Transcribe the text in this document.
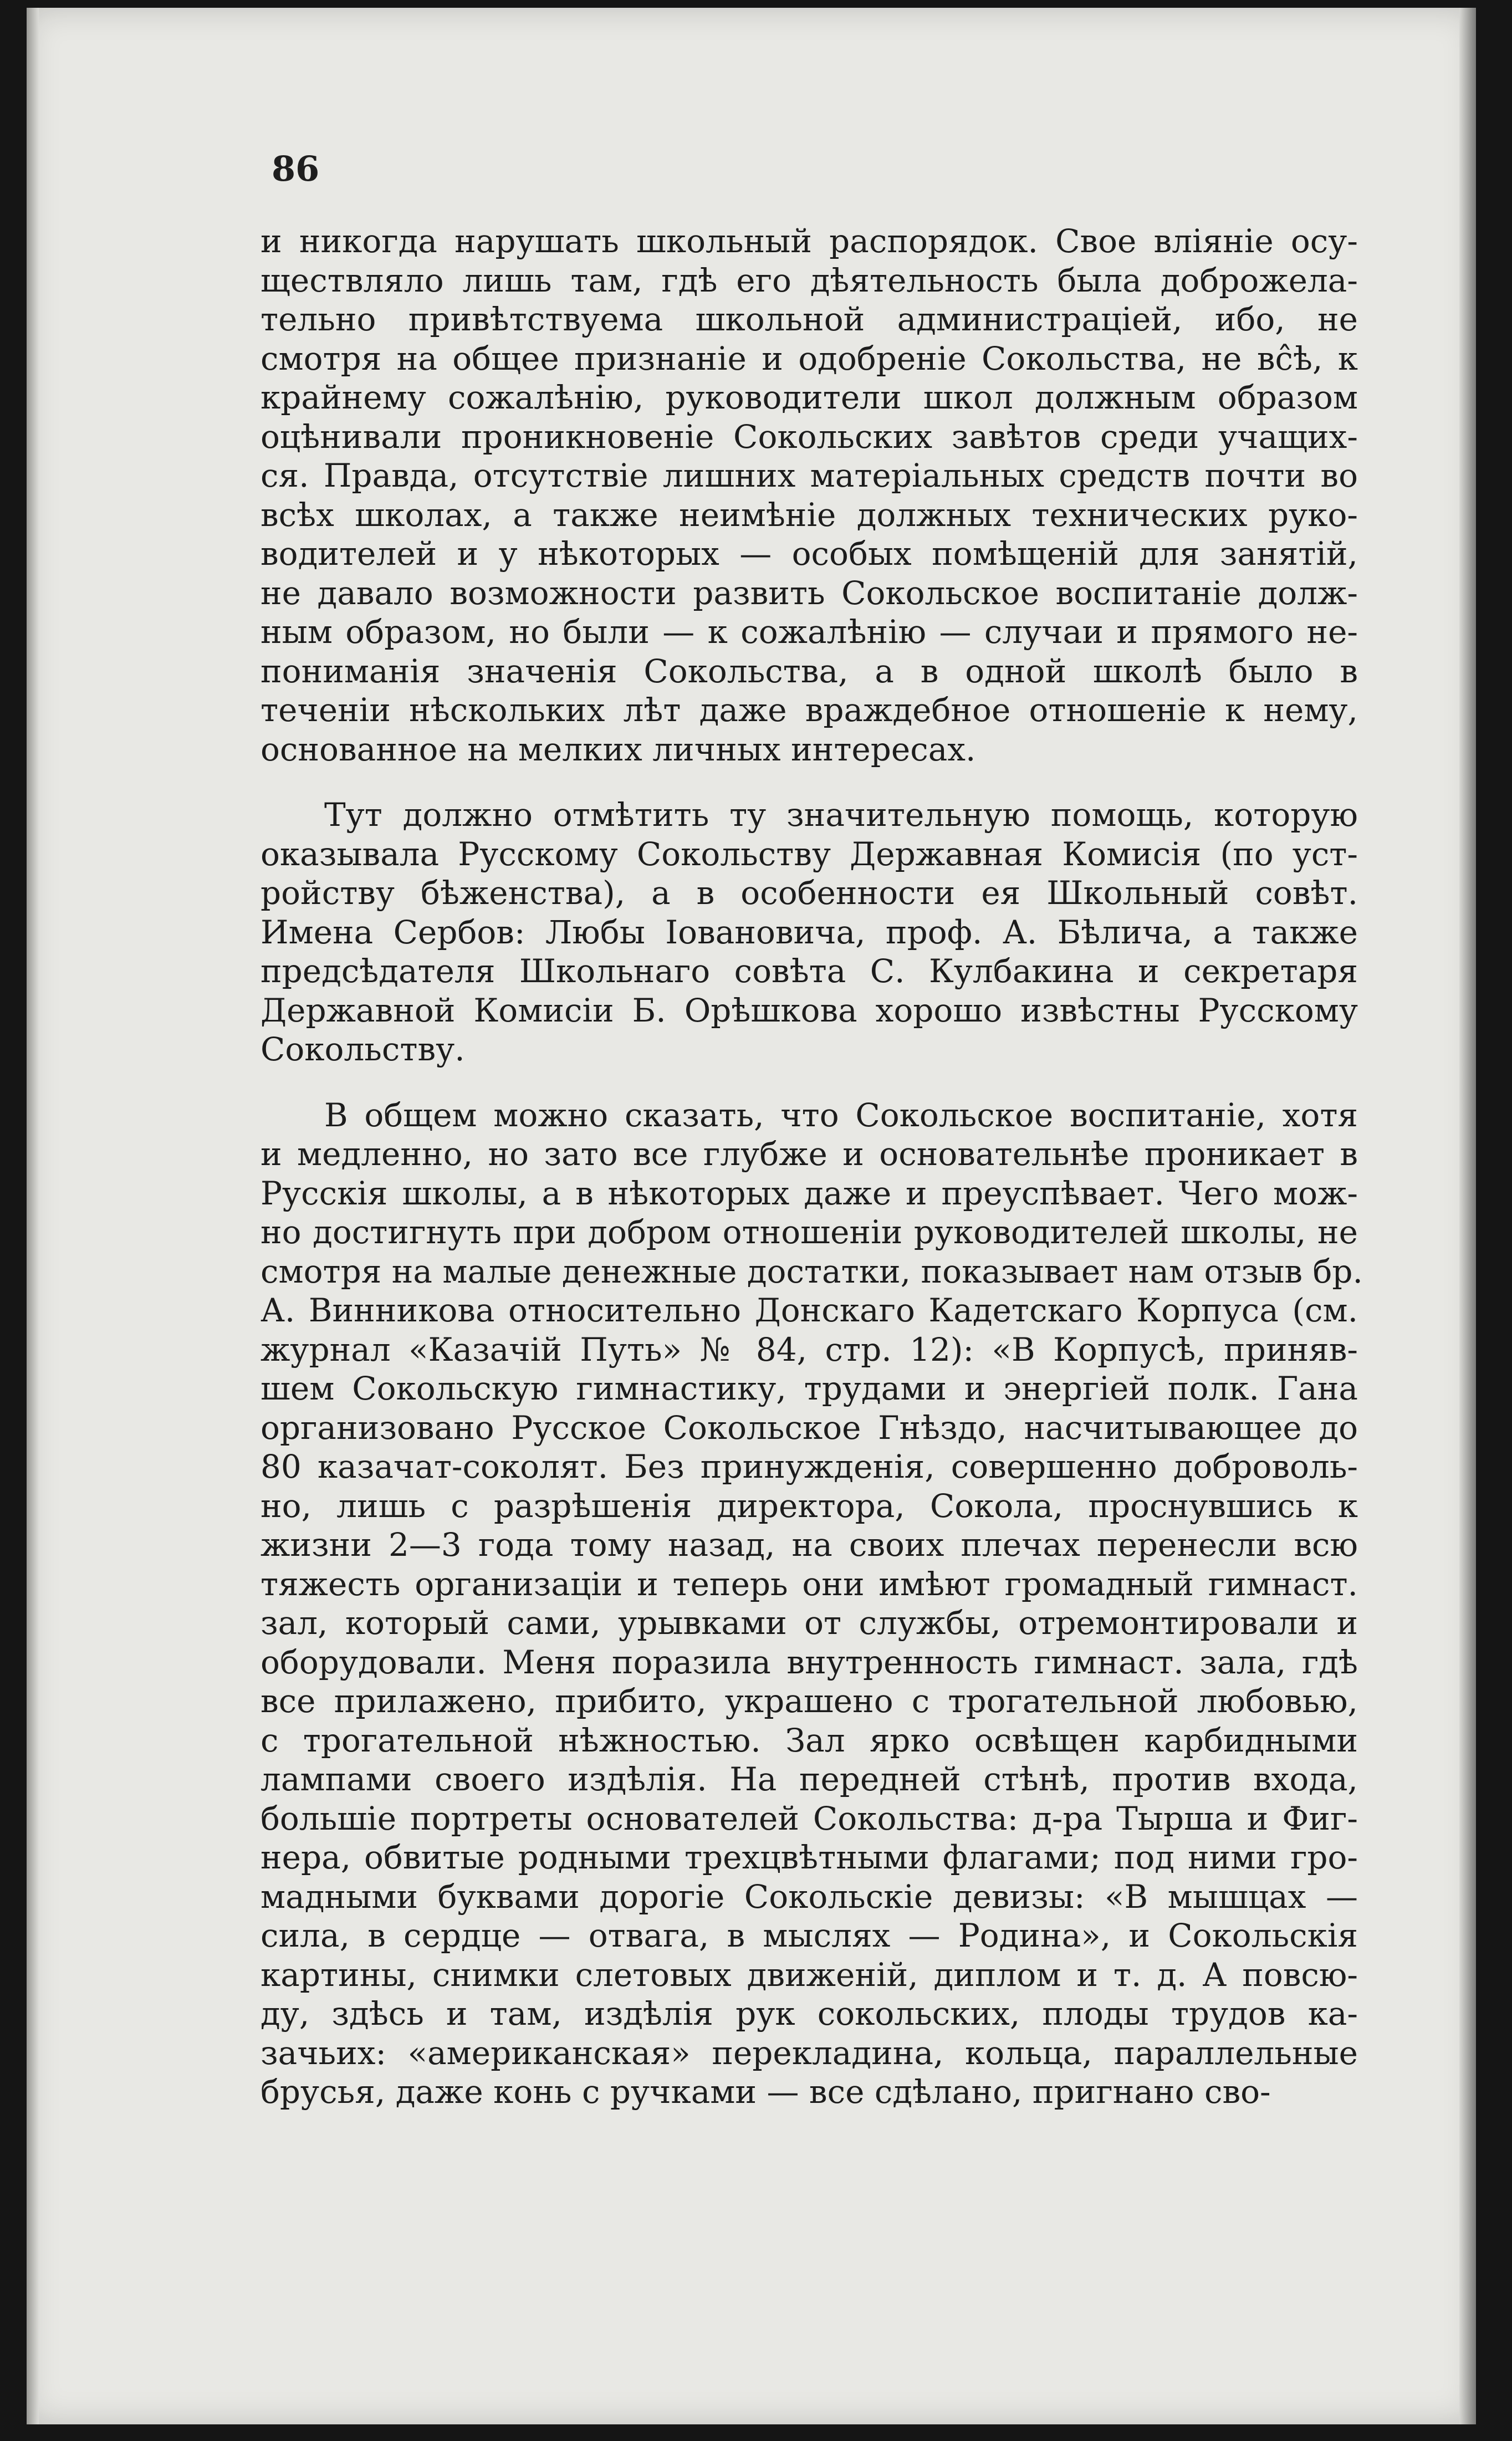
86

и никогда нарушать школьный распорядок. Свое вліяніе осу-
ществляло лишь там, гдѣ его дѣятельность была доброжела-
тельно привѣтствуема школьной администраціей, ибо, не
смотря на общее признаніе и одобреніе Сокольства, не вс̂ѣ, к
крайнему сожалѣнію, руководители школ должным образом
оцѣнивали проникновеніе Сокольских завѣтов среди учащих-
ся. Правда, отсутствіе лишних матеріальных средств почти во
всѣх школах, а также неимѣніе должных технических руко-
водителей и у нѣкоторых — особых помѣщеній для занятій,
не давало возможности развить Сокольское воспитаніе долж-
ным образом, но были — к сожалѣнію — случаи и прямого не-
пониманія значенія Сокольства, а в одной школѣ было в
теченіи нѣскольких лѣт даже враждебное отношеніе к нему,
основанное на мелких личных интересах.
Тут должно отмѣтить ту значительную помощь, которую
оказывала Русскому Сокольству Державная Комисія (по уст-
ройству бѣженства), а в особенности ея Школьный совѣт.
Имена Сербов: Любы Іовановича, проф. А. Бѣлича, а также
предсѣдателя Школьнаго совѣта С. Кулбакина и секретаря
Державной Комисіи Б. Орѣшкова хорошо извѣстны Русскому
Сокольству.
В общем можно сказать, что Сокольское воспитаніе, хотя
и медленно, но зато все глубже и основательнѣе проникает в
Русскія школы, а в нѣкоторых даже и преуспѣвает. Чего мож-
но достигнуть при добром отношеніи руководителей школы, не
смотря на малые денежные достатки, показывает нам отзыв бр.
А. Винникова относительно Донскаго Кадетскаго Корпуса (см.
журнал «Казачій Путь» № 84, стр. 12): «В Корпусѣ, приняв-
шем Сокольскую гимнастику, трудами и энергіей полк. Гана
организовано Русское Сокольское Гнѣздо, насчитывающее до
80 казачат-соколят. Без принужденія, совершенно доброволь-
но, лишь с разрѣшенія директора, Сокола, проснувшись к
жизни 2—3 года тому назад, на своих плечах перенесли всю
тяжесть организаціи и теперь они имѣют громадный гимнаст.
зал, который сами, урывками от службы, отремонтировали и
оборудовали. Меня поразила внутренность гимнаст. зала, гдѣ
все прилажено, прибито, украшено с трогательной любовью,
с трогательной нѣжностью. Зал ярко освѣщен карбидными
лампами своего издѣлія. На передней стѣнѣ, против входа,
большіе портреты основателей Сокольства: д-ра Тырша и Фиг-
нера, обвитые родными трехцвѣтными флагами; под ними гро-
мадными буквами дорогіе Сокольскіе девизы: «В мышцах —
сила, в сердце — отвага, в мыслях — Родина», и Сокольскія
картины, снимки слетовых движеній, диплом и т. д. А повсю-
ду, здѣсь и там, издѣлія рук сокольских, плоды трудов ка-
зачьих: «американская» перекладина, кольца, параллельные
брусья, даже конь с ручками — все сдѣлано, пригнано сво-
